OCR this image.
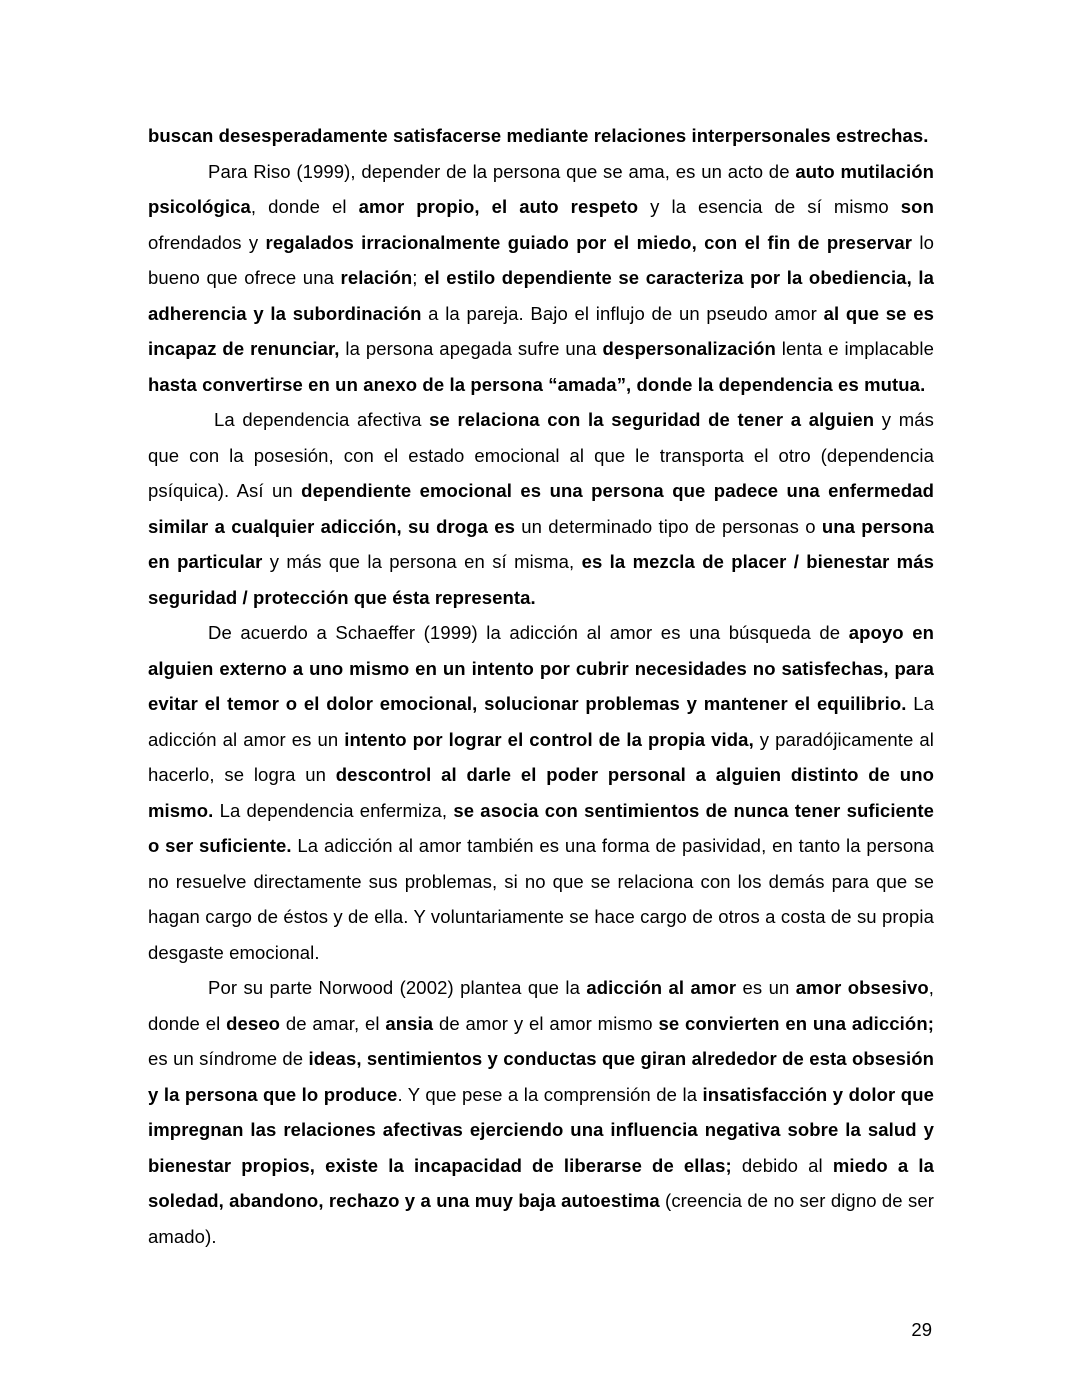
buscan desesperadamente satisfacerse mediante relaciones interpersonales estrechas.

Para Riso (1999), depender de la persona que se ama, es un acto de auto mutilación psicológica, donde el amor propio, el auto respeto y la esencia de sí mismo son ofrendados y regalados irracionalmente guiado por el miedo, con el fin de preservar lo bueno que ofrece una relación; el estilo dependiente se caracteriza por la obediencia, la adherencia y la subordinación a la pareja. Bajo el influjo de un pseudo amor al que se es incapaz de renunciar, la persona apegada sufre una despersonalización lenta e implacable hasta convertirse en un anexo de la persona “amada”, donde la dependencia es mutua.

La dependencia afectiva se relaciona con la seguridad de tener a alguien y más que con la posesión, con el estado emocional al que le transporta el otro (dependencia psíquica). Así un dependiente emocional es una persona que padece una enfermedad similar a cualquier adicción, su droga es un determinado tipo de personas o una persona en particular y más que la persona en sí misma, es la mezcla de placer / bienestar más seguridad / protección que ésta representa.

De acuerdo a Schaeffer (1999) la adicción al amor es una búsqueda de apoyo en alguien externo a uno mismo en un intento por cubrir necesidades no satisfechas, para evitar el temor o el dolor emocional, solucionar problemas y mantener el equilibrio. La adicción al amor es un intento por lograr el control de la propia vida, y paradójicamente al hacerlo, se logra un descontrol al darle el poder personal a alguien distinto de uno mismo. La dependencia enfermiza, se asocia con sentimientos de nunca tener suficiente o ser suficiente. La adicción al amor también es una forma de pasividad, en tanto la persona no resuelve directamente sus problemas, si no que se relaciona con los demás para que se hagan cargo de éstos y de ella. Y voluntariamente se hace cargo de otros a costa de su propia desgaste emocional.

Por su parte Norwood (2002) plantea que la adicción al amor es un amor obsesivo, donde el deseo de amar, el ansia de amor y el amor mismo se convierten en una adicción; es un síndrome de ideas, sentimientos y conductas que giran alrededor de esta obsesión y la persona que lo produce. Y que pese a la comprensión de la insatisfacción y dolor que impregnan las relaciones afectivas ejerciendo una influencia negativa sobre la salud y bienestar propios, existe la incapacidad de liberarse de ellas; debido al miedo a la soledad, abandono, rechazo y a una muy baja autoestima (creencia de no ser digno de ser amado).

29
